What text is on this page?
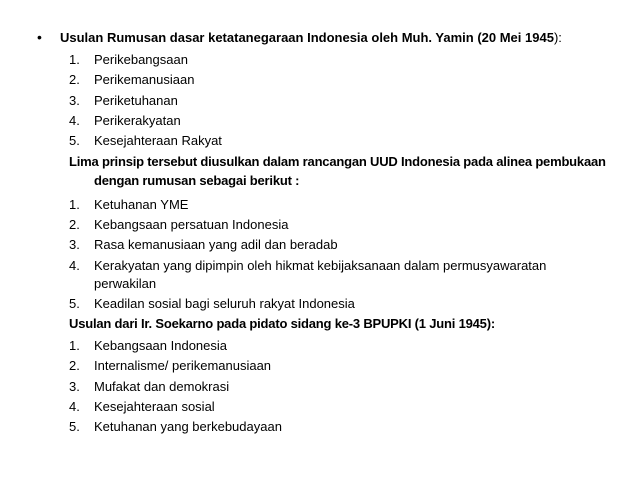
• Usulan Rumusan dasar ketatanegaraan Indonesia oleh Muh. Yamin (20 Mei 1945):
1.	Perikebangsaan
2.	Perikemanusiaan
3.	Periketuhanan
4.	Perikerakyatan
5.	Kesejahteraan Rakyat
Lima prinsip tersebut diusulkan dalam rancangan UUD Indonesia pada alinea pembukaan
dengan rumusan sebagai berikut :
1.	Ketuhanan YME
2.	Kebangsaan persatuan Indonesia
3.	Rasa kemanusiaan yang adil dan beradab
4.	Kerakyatan yang dipimpin oleh hikmat kebijaksanaan dalam permusyawaratan
perwakilan
5.	Keadilan sosial bagi seluruh rakyat Indonesia
Usulan dari Ir. Soekarno pada pidato sidang ke-3 BPUPKI (1 Juni 1945):
1.	Kebangsaan Indonesia
2.	Internalisme/ perikemanusiaan
3.	Mufakat dan demokrasi
4.	Kesejahteraan sosial
5.	Ketuhanan yang berkebudayaan
